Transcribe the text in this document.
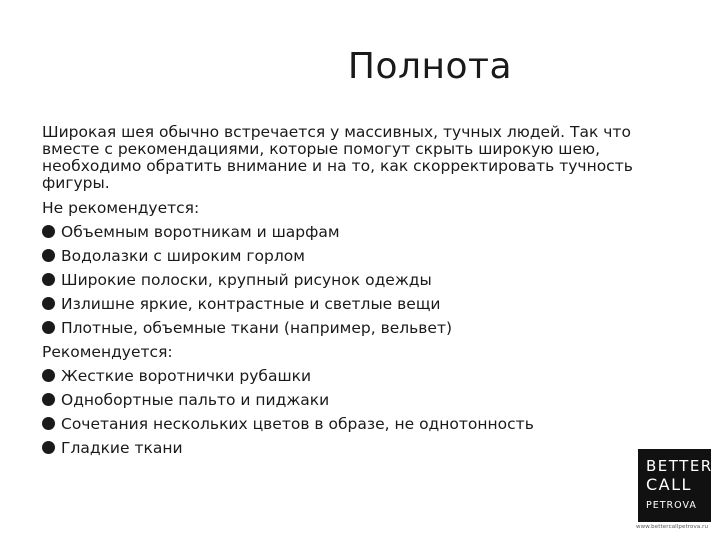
Полнота

Широкая шея обычно встречается у массивных, тучных людей. Так что вместе с рекомендациями, которые помогут скрыть широкую шею, необходимо обратить внимание и на то, как скорректировать тучность фигуры.

Не рекомендуется:

Объемным воротникам и шарфам
Водолазки с широким горлом
Широкие полоски, крупный рисунок одежды
Излишне яркие, контрастные и светлые вещи
Плотные, объемные ткани (например, вельвет)

Рекомендуется:

Жесткие воротнички рубашки
Однобортные пальто и пиджаки
Сочетания нескольких цветов в образе, не однотонность
Гладкие ткани
BETTER
CALL
PETROVA
www.betterсallpetrova.ru
